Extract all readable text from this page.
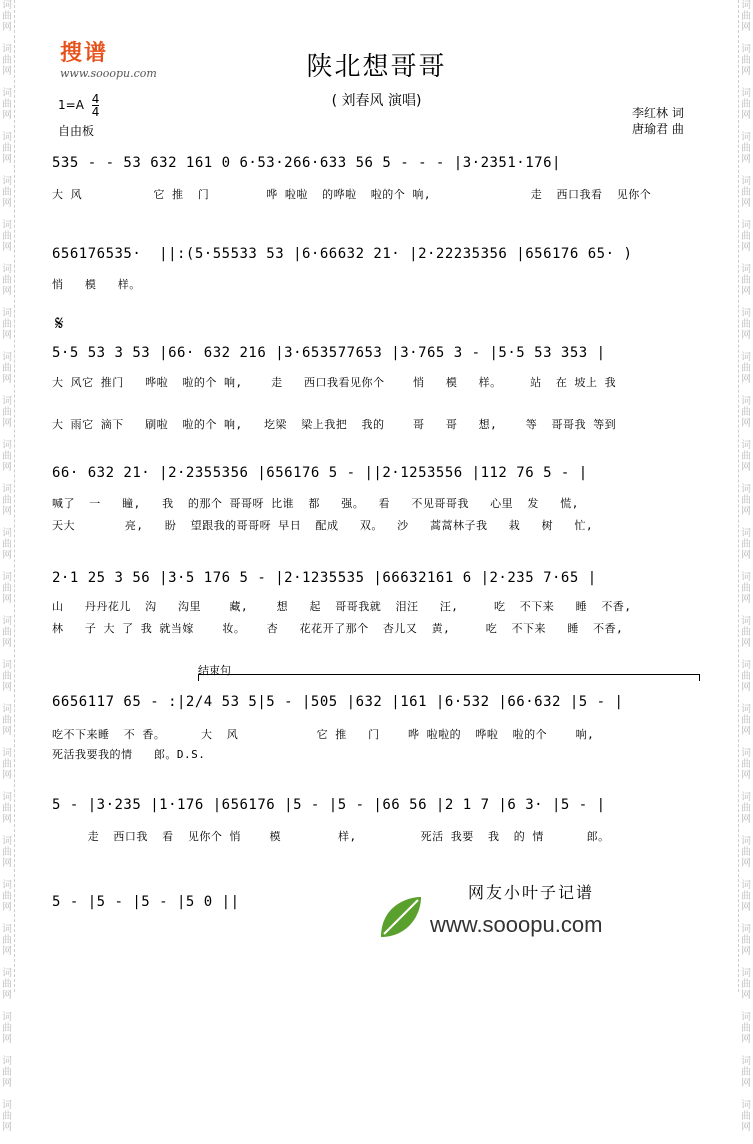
词
曲
网

词
曲
网

词
曲
网

词
曲
网

词
曲
网

词
曲
网

词
曲
网

词
曲
网

词
曲
网

词
曲
网

词
曲
网

词
曲
网

词
曲
网

词
曲
网

词
曲
网

词
曲
网

词
曲
网

词
曲
网

词
曲
网

词
曲
网

词
曲
网

词
曲
网

词
曲
网

词
曲
网

词
曲
网

词
曲
网

词
曲
网

词
曲
网

词
曲
网

词
曲
网

词
曲
网

词
曲
网

词
曲
网

词
曲
网

词
曲
网

词
曲
网

词
曲
网

词
曲
网

词
曲
网

词
曲
网

词
曲
网

词
曲
网

词
曲
网

词
曲
网

词
曲
网

词
曲
网

词
曲
网

词
曲
网

词
曲
网

词
曲
网

词
曲
网

词
曲
网

搜谱
www.sooopu.com	陕北想哥哥
( 刘春风 演唱)
$1=A \frac{4}{4}$
自由板
李红林 词
唐瑜君 曲
𝄋
结束句
535 - - 53 632 161 0 6·53·266·633 56 5 - - - |3·2351·176|
大 风          它 推  门        哗 啦啦  的哗啦  啦的个 响,              走  西口我看  见你个
656176535·  ||:(5·55533 53 |6·66632 21· |2·22235356 |656176 65· )
悄   模   样。
5·5 53 3 53 |66· 632 216 |3·653577653 |3·765 3 - |5·5 53 353 |
大 风它 推门   哗啦  啦的个 响,    走   西口我看见你个    悄   模   样。    站  在 坡上 我
大 雨它 滴下   刷啦  啦的个 响,   圪梁  梁上我把  我的    哥   哥   想,    等  哥哥我 等到
66· 632 21· |2·2355356 |656176 5 - ||2·1253556 |112 76 5 - |
喊了  一   瞳,   我  的那个 哥哥呀 比谁  都   强。  看   不见哥哥我   心里  发   慌,
天大       亮,   盼  望跟我的哥哥呀 早日  配成   双。  沙   蒿蒿林子我   栽   树   忙,
2·1 25 3 56 |3·5 176 5 - |2·1235535 |66632161 6 |2·235 7·65 |
山   丹丹花儿  沟   沟里    藏,    想   起  哥哥我就  泪汪   汪,     吃  不下来   睡  不香,
林   子 大 了 我 就当嫁    妆。   杏   花花开了那个  杏儿又  黄,     吃  不下来   睡  不香,
6656117 65 - :|2/4 53 5|5 - |505 |632 |161 |6·532 |66·632 |5 - |
吃不下来睡  不 香。     大  风           它 推   门    哗 啦啦的  哗啦  啦的个    响,
死活我要我的情   郎。D.S.
5 - |3·235 |1·176 |656176 |5 - |5 - |66 56 |2 1 7 |6 3· |5 - |
走  西口我  看  见你个 悄    模        样,         死活 我要  我  的 情      郎。
5 - |5 - |5 - |5 0 ||	网友小叶子记谱
www.sooopu.com
